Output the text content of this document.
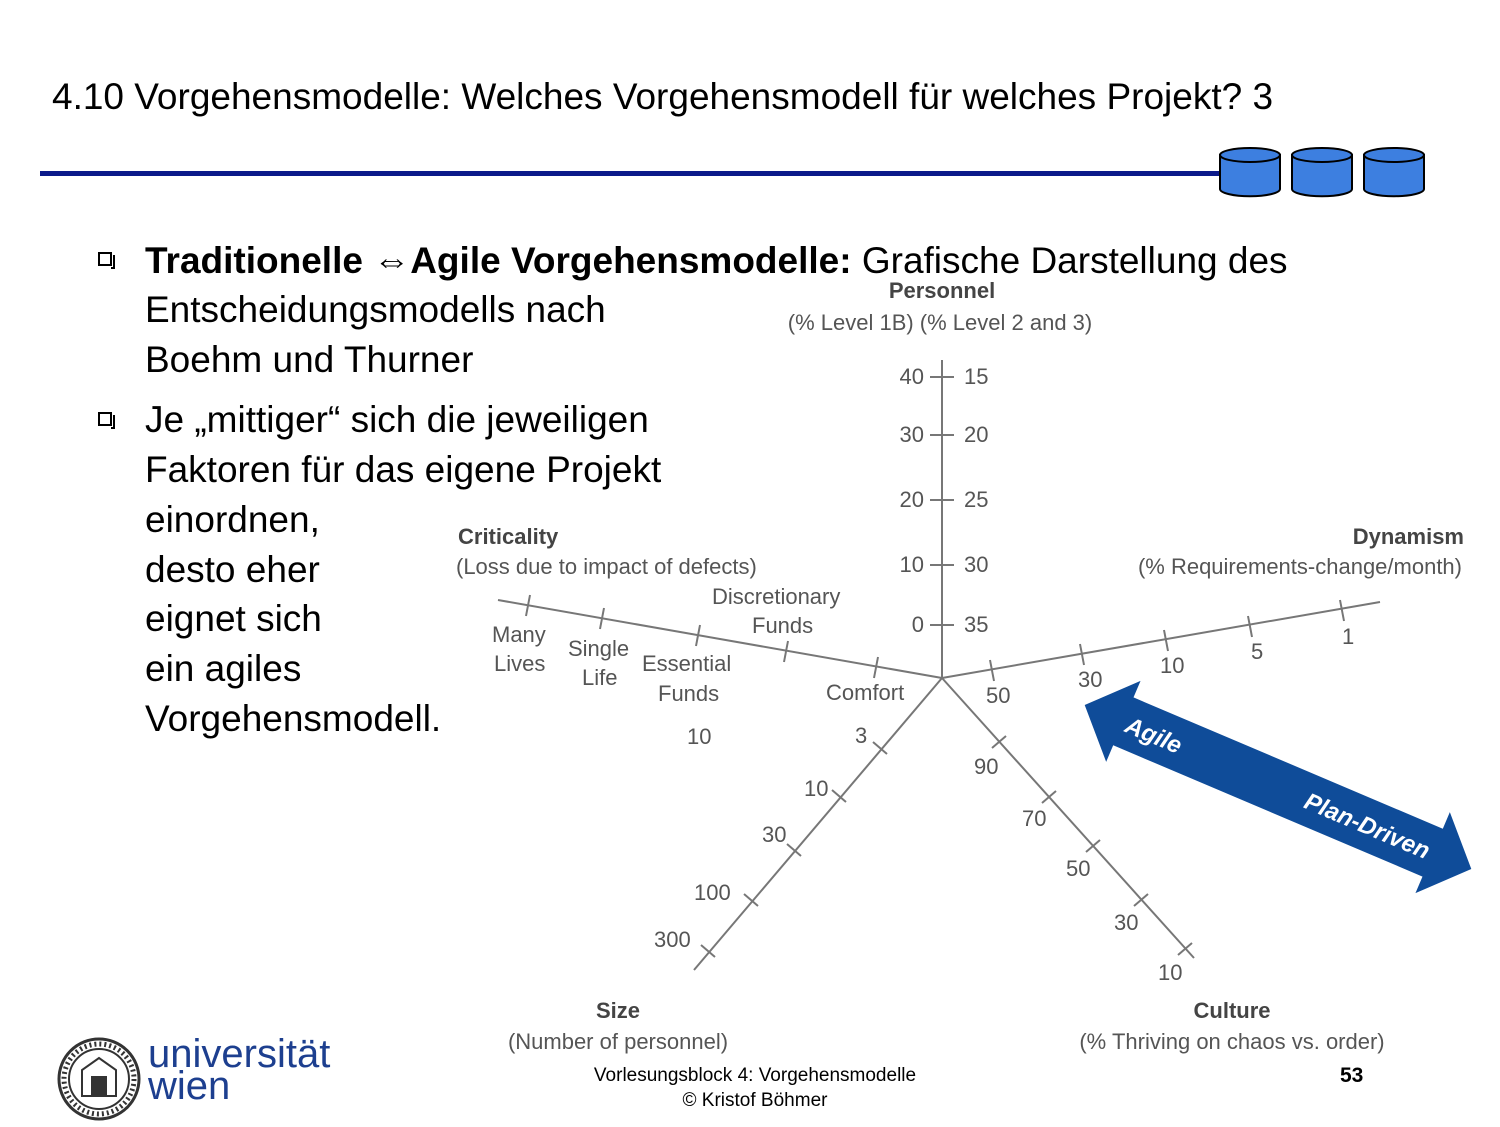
4.10 Vorgehensmodelle: Welches Vorgehensmodell für welches Projekt? 3
Traditionelle ⇔Agile Vorgehensmodelle: Grafische Darstellung des
Entscheidungsmodells nach
Boehm und Thurner
Je „mittiger“ sich die jeweiligen
Faktoren für das eigene Projekt
einordnen,
desto eher
eignet sich
ein agiles
Vorgehensmodell.
Personnel
(% Level 1B) (% Level 2 and 3)
40
30
20
10
0
15
20
25
30
35
Criticality
(Loss due to impact of defects)
Many
Lives
Single
Life
Essential
Funds
Discretionary
Funds
Comfort
Dynamism
(% Requirements-change/month)
50
30
10
5
1
10	3
10
30
100
300
Size
(Number of personnel)
90
70
50
30
10
Culture
(% Thriving on chaos vs. order)
Agile
Plan-Driven
universität
wien	Vorlesungsblock 4: Vorgehensmodelle
© Kristof Böhmer
53
